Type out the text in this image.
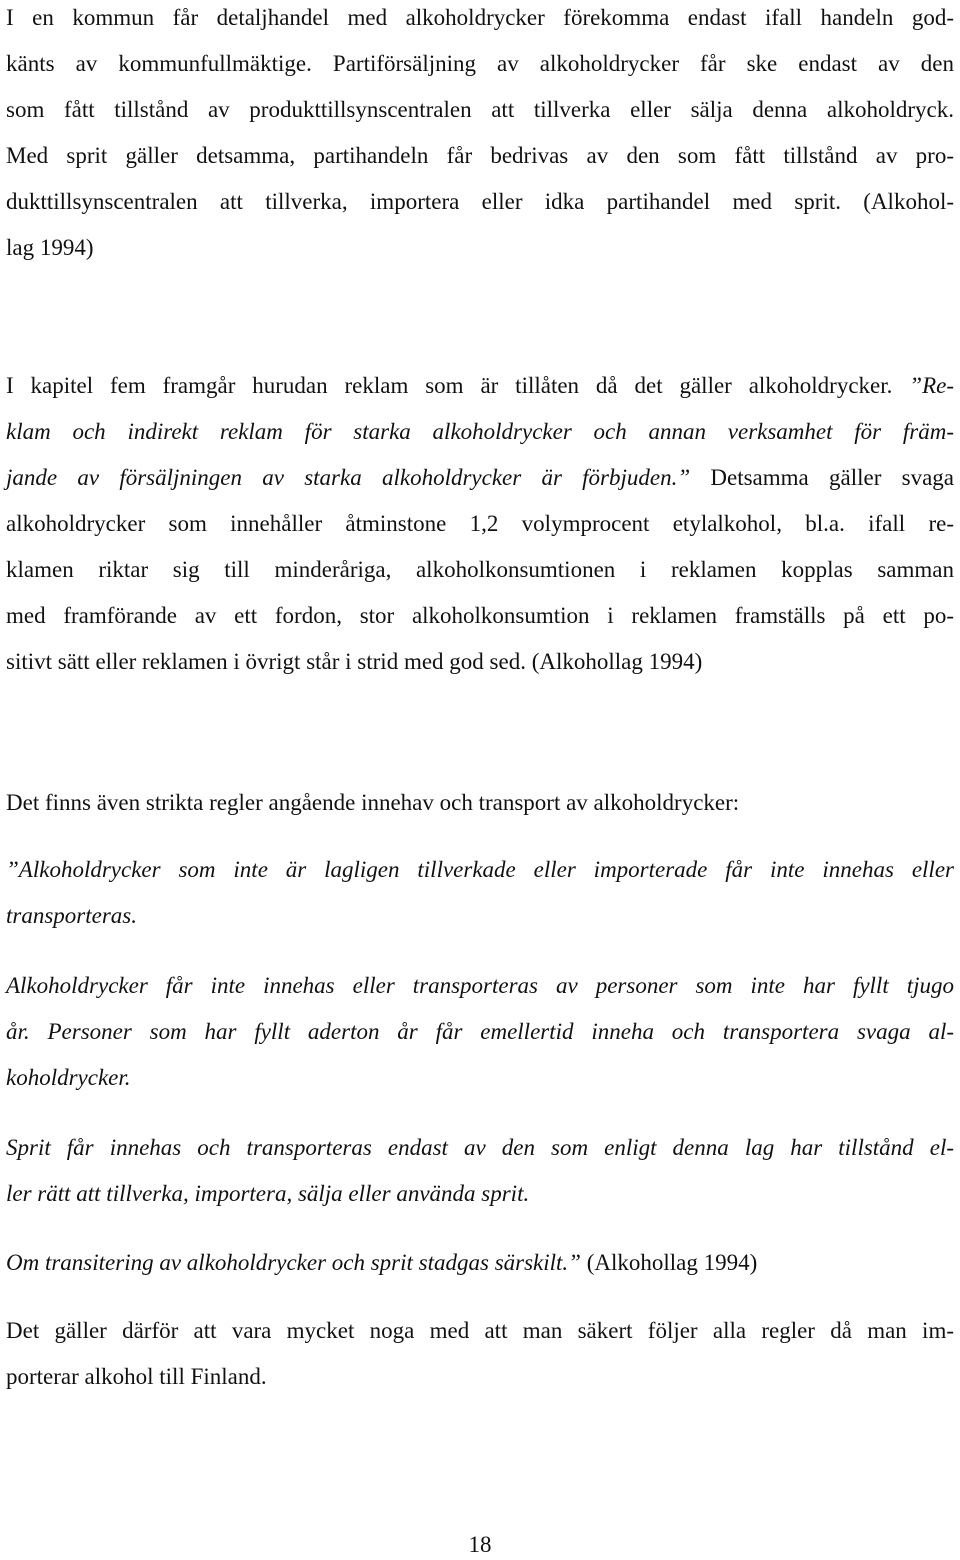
I en kommun får detaljhandel med alkoholdrycker förekomma endast ifall handeln god-
känts av kommunfullmäktige. Partiförsäljning av alkoholdrycker får ske endast av den
som fått tillstånd av produkttillsynscentralen att tillverka eller sälja denna alkoholdryck.
Med sprit gäller detsamma, partihandeln får bedrivas av den som fått tillstånd av pro-
dukttillsynscentralen att tillverka, importera eller idka partihandel med sprit. (Alkohol-
lag 1994)
I kapitel fem framgår hurudan reklam som är tillåten då det gäller alkoholdrycker. ”Re-
klam och indirekt reklam för starka alkoholdrycker och annan verksamhet för främ-
jande av försäljningen av starka alkoholdrycker är förbjuden.” Detsamma gäller svaga
alkoholdrycker som innehåller åtminstone 1,2 volymprocent etylalkohol, bl.a. ifall re-
klamen riktar sig till minderåriga, alkoholkonsumtionen i reklamen kopplas samman
med framförande av ett fordon, stor alkoholkonsumtion i reklamen framställs på ett po-
sitivt sätt eller reklamen i övrigt står i strid med god sed. (Alkohollag 1994)
Det finns även strikta regler angående innehav och transport av alkoholdrycker:
”Alkoholdrycker som inte är lagligen tillverkade eller importerade får inte innehas eller
transporteras.
Alkoholdrycker får inte innehas eller transporteras av personer som inte har fyllt tjugo
år. Personer som har fyllt aderton år får emellertid inneha och transportera svaga al-
koholdrycker.
Sprit får innehas och transporteras endast av den som enligt denna lag har tillstånd el-
ler rätt att tillverka, importera, sälja eller använda sprit.
Om transitering av alkoholdrycker och sprit stadgas särskilt.” (Alkohollag 1994)
Det gäller därför att vara mycket noga med att man säkert följer alla regler då man im-
porterar alkohol till Finland.
18
